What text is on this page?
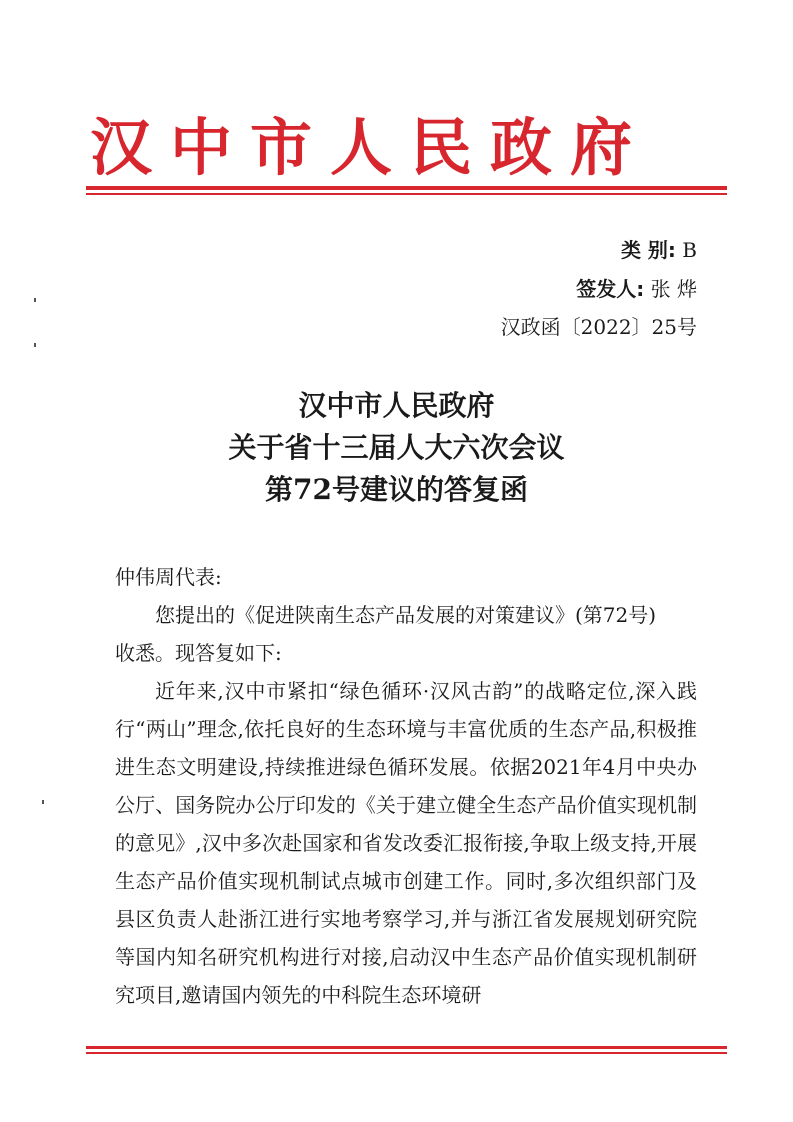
汉中市人民政府
类 别: B
签发人: 张 烨
汉政函〔2022〕25号
汉中市人民政府
关于省十三届人大六次会议
第72号建议的答复函

仲伟周代表:

您提出的《促进陕南生态产品发展的对策建议》(第72号)

收悉。现答复如下:

近年来,汉中市紧扣“绿色循环·汉风古韵”的战略定位,深入践行“两山”理念,依托良好的生态环境与丰富优质的生态产品,积极推进生态文明建设,持续推进绿色循环发展。依据2021年4月中央办公厅、国务院办公厅印发的《关于建立健全生态产品价值实现机制的意见》,汉中多次赴国家和省发改委汇报衔接,争取上级支持,开展生态产品价值实现机制试点城市创建工作。同时,多次组织部门及县区负责人赴浙江进行实地考察学习,并与浙江省发展规划研究院等国内知名研究机构进行对接,启动汉中生态产品价值实现机制研究项目,邀请国内领先的中科院生态环境研
